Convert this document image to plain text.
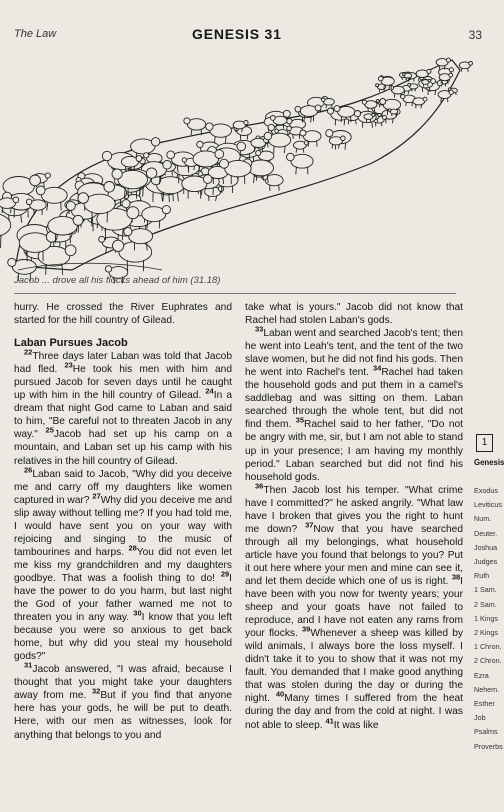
The Law	GENESIS 31	33
Jacob ... drove all his flocks ahead of him (31.18)

hurry. He crossed the River Euphrates and started for the hill country of Gilead.

Laban Pursues Jacob

$^{22}$Three days later Laban was told that Jacob had fled. $^{23}$He took his men with him and pursued Jacob for seven days until he caught up with him in the hill country of Gilead. $^{24}$In a dream that night God came to Laban and said to him, "Be careful not to threaten Jacob in any way." $^{25}$Jacob had set up his camp on a mountain, and Laban set up his camp with his relatives in the hill country of Gilead.

$^{26}$Laban said to Jacob, "Why did you deceive me and carry off my daughters like women captured in war? $^{27}$Why did you deceive me and slip away without telling me? If you had told me, I would have sent you on your way with rejoicing and singing to the music of tambourines and harps. $^{28}$You did not even let me kiss my grandchildren and my daughters goodbye. That was a foolish thing to do! $^{29}$I have the power to do you harm, but last night the God of your father warned me not to threaten you in any way. $^{30}$I know that you left because you were so anxious to get back home, but why did you steal my household gods?"

$^{31}$Jacob answered, "I was afraid, because I thought that you might take your daughters away from me. $^{32}$But if you find that anyone here has your gods, he will be put to death. Here, with our men as witnesses, look for anything that belongs to you and

take what is yours." Jacob did not know that Rachel had stolen Laban's gods.

$^{33}$Laban went and searched Jacob's tent; then he went into Leah's tent, and the tent of the two slave women, but he did not find his gods. Then he went into Rachel's tent. $^{34}$Rachel had taken the household gods and put them in a camel's saddlebag and was sitting on them. Laban searched through the whole tent, but did not find them. $^{35}$Rachel said to her father, "Do not be angry with me, sir, but I am not able to stand up in your presence; I am having my monthly period." Laban searched but did not find his household gods.

$^{36}$Then Jacob lost his temper. "What crime have I committed?" he asked angrily. "What law have I broken that gives you the right to hunt me down? $^{37}$Now that you have searched through all my belongings, what household article have you found that belongs to you? Put it out here where your men and mine can see it, and let them decide which one of us is right. $^{38}$I have been with you now for twenty years; your sheep and your goats have not failed to reproduce, and I have not eaten any rams from your flocks. $^{39}$Whenever a sheep was killed by wild animals, I always bore the loss myself. I didn't take it to you to show that it was not my fault. You demanded that I make good anything that was stolen during the day or during the night. $^{40}$Many times I suffered from the heat during the day and from the cold at night. I was not able to sleep. $^{41}$It was like

1
Genesis
Exodus
Leviticus
Num.
Deuter.
Joshua
Judges
Ruth
1 Sam.
2 Sam.
1 Kings
2 Kings
1 Chron.
2 Chron.
Ezra
Nehem.
Esther
Job
Psalms
Proverbs
